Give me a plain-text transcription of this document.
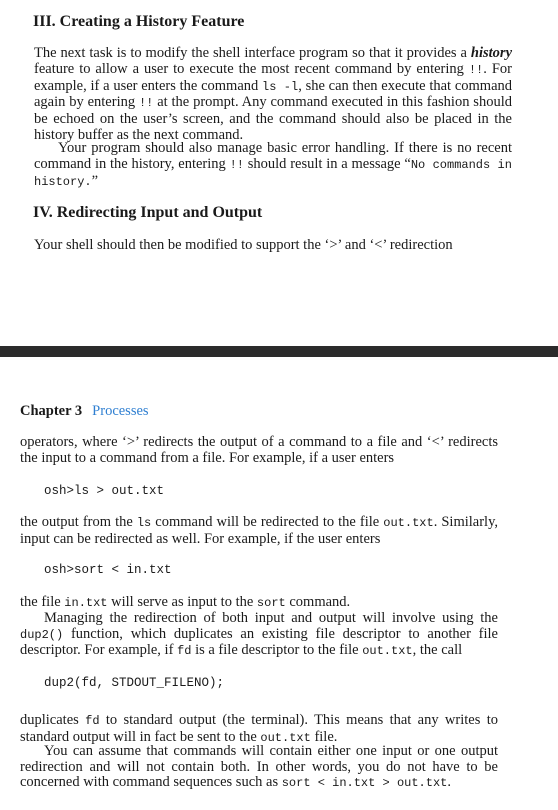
III. Creating a History Feature

The next task is to modify the shell interface program so that it provides a history feature to allow a user to execute the most recent command by entering !!. For example, if a user enters the command ls -l, she can then execute that command again by entering !! at the prompt. Any command executed in this fashion should be echoed on the user’s screen, and the command should also be placed in the history buffer as the next command.

Your program should also manage basic error handling. If there is no recent command in the history, entering !! should result in a message “No commands in history.”

IV. Redirecting Input and Output

Your shell should then be modified to support the ‘>’ and ‘<’ redirection

Chapter 3 Processes

operators, where ‘>’ redirects the output of a command to a file and ‘<’ redirects the input to a command from a file. For example, if a user enters

osh>ls > out.txt

the output from the ls command will be redirected to the file out.txt. Similarly, input can be redirected as well. For example, if the user enters

osh>sort < in.txt

the file in.txt will serve as input to the sort command.

Managing the redirection of both input and output will involve using the dup2() function, which duplicates an existing file descriptor to another file descriptor. For example, if fd is a file descriptor to the file out.txt, the call

dup2(fd, STDOUT_FILENO);

duplicates fd to standard output (the terminal). This means that any writes to standard output will in fact be sent to the out.txt file.

You can assume that commands will contain either one input or one output redirection and will not contain both. In other words, you do not have to be concerned with command sequences such as sort < in.txt > out.txt.
